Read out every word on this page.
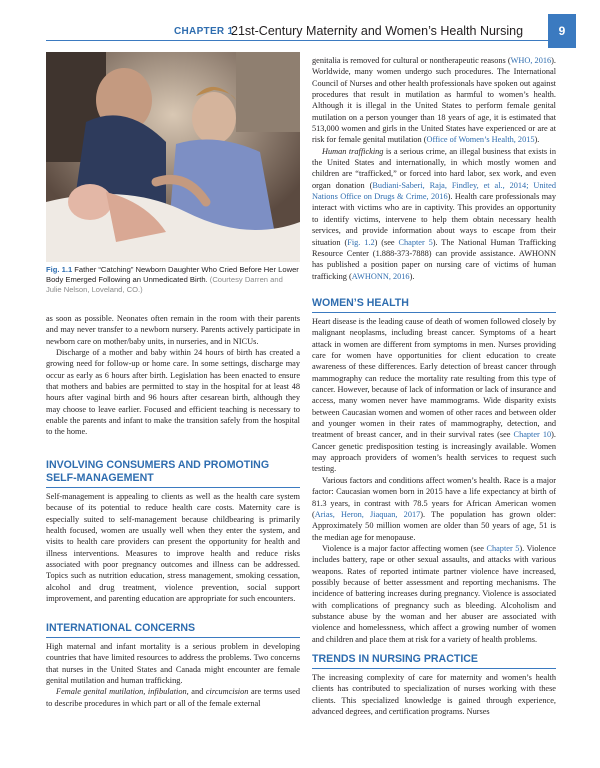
CHAPTER 1
21st-Century Maternity and Women’s Health Nursing	9
Fig. 1.1 Father “Catching” Newborn Daughter Who Cried Before Her Lower Body Emerged Following an Unmedicated Birth. (Courtesy Darren and Julie Nelson, Loveland, CO.)

as soon as possible. Neonates often remain in the room with their parents and may never transfer to a newborn nursery. Parents actively participate in newborn care on mother/baby units, in nurseries, and in NICUs.

Discharge of a mother and baby within 24 hours of birth has created a growing need for follow-up or home care. In some settings, discharge may occur as early as 6 hours after birth. Legislation has been enacted to ensure that mothers and babies are permitted to stay in the hospital for at least 48 hours after vaginal birth and 96 hours after cesarean birth, although they may choose to leave earlier. Focused and efficient teaching is necessary to enable the parents and infant to make the transition safely from the hospital to the home.

INVOLVING CONSUMERS AND PROMOTING SELF-MANAGEMENT

Self-management is appealing to clients as well as the health care system because of its potential to reduce health care costs. Maternity care is especially suited to self-management because childbearing is primarily health focused, women are usually well when they enter the system, and visits to health care providers can present the opportunity for health and illness interventions. Measures to improve health and reduce risks associated with poor pregnancy outcomes and illness can be addressed. Topics such as nutrition education, stress management, smoking cessation, alcohol and drug treatment, violence prevention, social support improvement, and parenting education are appropriate for such encounters.

INTERNATIONAL CONCERNS

High maternal and infant mortality is a serious problem in developing countries that have limited resources to address the problems. Two concerns that nurses in the United States and Canada might encounter are female genital mutilation and human trafficking.

Female genital mutilation, infibulation, and circumcision are terms used to describe procedures in which part or all of the female external

genitalia is removed for cultural or nontherapeutic reasons (WHO, 2016). Worldwide, many women undergo such procedures. The International Council of Nurses and other health professionals have spoken out against procedures that result in mutilation as harmful to women’s health. Although it is illegal in the United States to perform female genital mutilation on a person younger than 18 years of age, it is estimated that 513,000 women and girls in the United States have experienced or are at risk for female genital mutilation (Office of Women’s Health, 2015).

Human trafficking is a serious crime, an illegal business that exists in the United States and internationally, in which mostly women and children are “trafficked,” or forced into hard labor, sex work, and even organ donation (Budiani-Saberi, Raja, Findley, et al., 2014; United Nations Office on Drugs & Crime, 2016). Health care professionals may interact with victims who are in captivity. This provides an opportunity to identify victims, intervene to help them obtain necessary health services, and provide information about ways to escape from their situation (Fig. 1.2) (see Chapter 5). The National Human Trafficking Resource Center (1.888-373-7888) can provide assistance. AWHONN has published a position paper on nursing care of victims of human trafficking (AWHONN, 2016).

WOMEN’S HEALTH

Heart disease is the leading cause of death of women followed closely by malignant neoplasms, including breast cancer. Symptoms of a heart attack in women are different from symptoms in men. Nurses providing care for women have opportunities for client education to create awareness of these differences. Early detection of breast cancer through mammography can reduce the mortality rate resulting from this type of cancer. However, because of lack of information or lack of insurance and access, many women never have mammograms. Wide disparity exists between Caucasian women and women of other races and between older and younger women in their rates of mammography, detection, and treatment of breast cancer, and in their survival rates (see Chapter 10). Cancer genetic predisposition testing is increasingly available. Women may approach providers of women’s health services to request such testing.

Various factors and conditions affect women’s health. Race is a major factor: Caucasian women born in 2015 have a life expectancy at birth of 81.3 years, in contrast with 78.5 years for African American women (Arias, Heron, Jiaquan, 2017). The population has grown older: Approximately 50 million women are older than 50 years of age, 51 is the median age for menopause.

Violence is a major factor affecting women (see Chapter 5). Violence includes battery, rape or other sexual assaults, and attacks with various weapons. Rates of reported intimate partner violence have increased, possibly because of better assessment and reporting mechanisms. The incidence of battering increases during pregnancy. Violence is associated with complications of pregnancy such as bleeding. Alcoholism and substance abuse by the woman and her abuser are associated with violence and homelessness, which affect a growing number of women and children and place them at risk for a variety of health problems.

TRENDS IN NURSING PRACTICE

The increasing complexity of care for maternity and women’s health clients has contributed to specialization of nurses working with these clients. This specialized knowledge is gained through experience, advanced degrees, and certification programs. Nurses
